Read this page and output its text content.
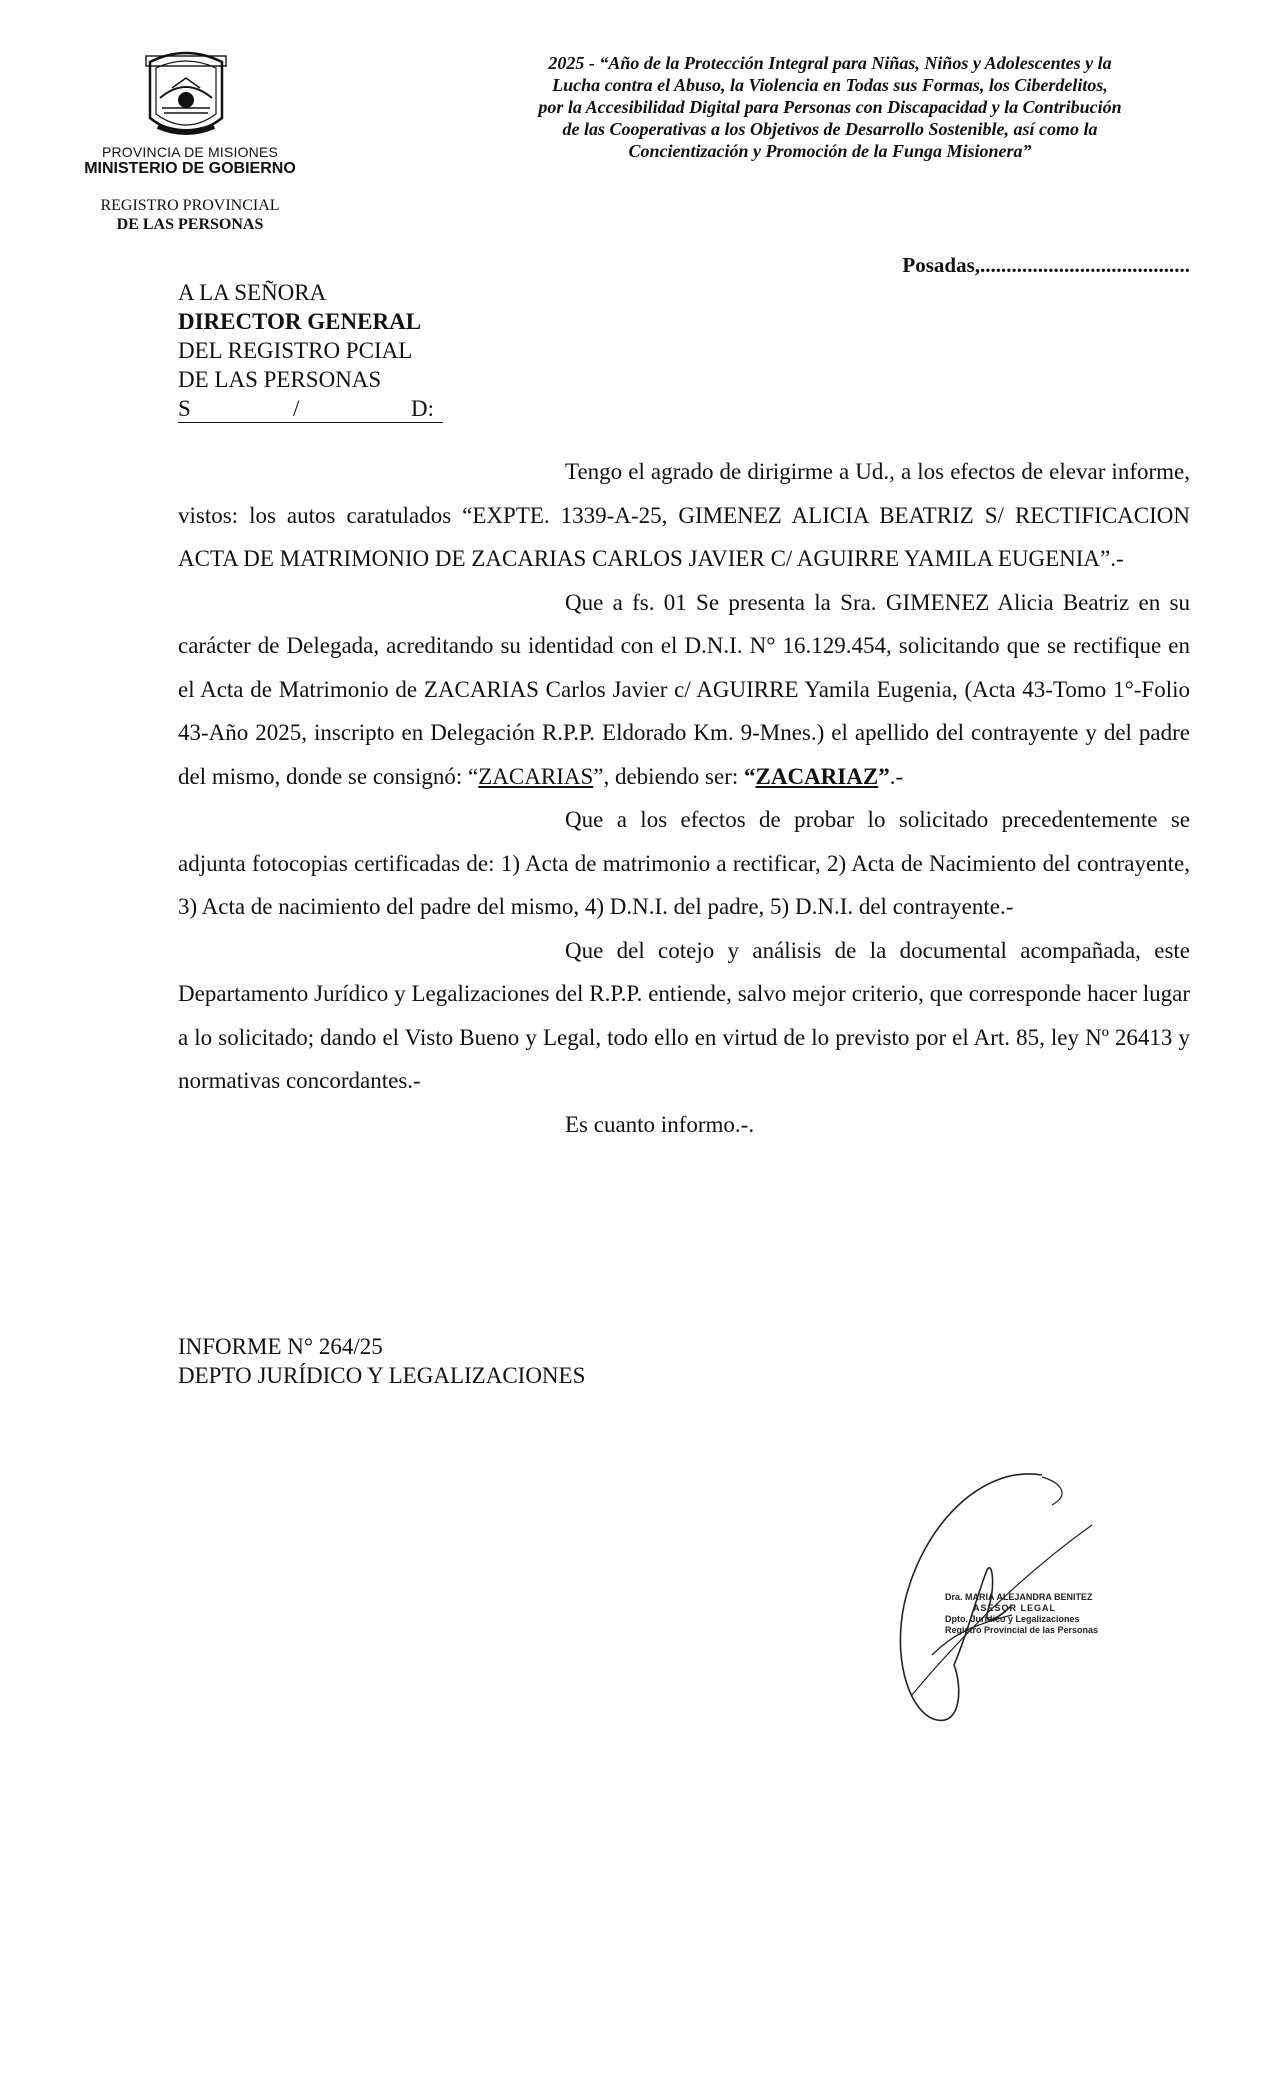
PROVINCIA DE MISIONES
MINISTERIO DE GOBIERNO
REGISTRO PROVINCIAL
DE LAS PERSONAS
2025 - “Año de la Protección Integral para Niñas, Niños y Adolescentes y la
Lucha contra el Abuso, la Violencia en Todas sus Formas, los Ciberdelitos,
por la Accesibilidad Digital para Personas con Discapacidad y la Contribución
de las Cooperativas a los Objetivos de Desarrollo Sostenible, así como la
Concientización y Promoción de la Funga Misionera”
Posadas,........................................
A LA SEÑORA
DIRECTOR GENERAL
DEL REGISTRO PCIAL
DE LAS PERSONAS
S	/	D:

Tengo el agrado de dirigirme a Ud., a los efectos de elevar informe, vistos: los autos caratulados “EXPTE. 1339-A-25, GIMENEZ ALICIA BEATRIZ S/ RECTIFICACION ACTA DE MATRIMONIO DE ZACARIAS CARLOS JAVIER C/ AGUIRRE YAMILA EUGENIA”.-

Que a fs. 01 Se presenta la Sra. GIMENEZ Alicia Beatriz en su carácter de Delegada, acreditando su identidad con el D.N.I. N° 16.129.454, solicitando que se rectifique en el Acta de Matrimonio de ZACARIAS Carlos Javier c/ AGUIRRE Yamila Eugenia, (Acta 43-Tomo 1°-Folio 43-Año 2025, inscripto en Delegación R.P.P. Eldorado Km. 9-Mnes.) el apellido del contrayente y del padre del mismo, donde se consignó: “ZACARIAS”, debiendo ser: “ZACARIAZ”.-

Que a los efectos de probar lo solicitado precedentemente se adjunta fotocopias certificadas de: 1) Acta de matrimonio a rectificar, 2) Acta de Nacimiento del contrayente, 3) Acta de nacimiento del padre del mismo, 4) D.N.I. del padre, 5) D.N.I. del contrayente.-

Que del cotejo y análisis de la documental acompañada, este Departamento Jurídico y Legalizaciones del R.P.P. entiende, salvo mejor criterio, que corresponde hacer lugar a lo solicitado; dando el Visto Bueno y Legal, todo ello en virtud de lo previsto por el Art. 85, ley Nº 26413 y normativas concordantes.-

Es cuanto informo.-.

INFORME N° 264/25
DEPTO JURÍDICO Y LEGALIZACIONES
Dra. MARIA ALEJANDRA BENITEZ
ASESOR LEGAL
Dpto. Jurídico y Legalizaciones
Registro Provincial de las Personas
